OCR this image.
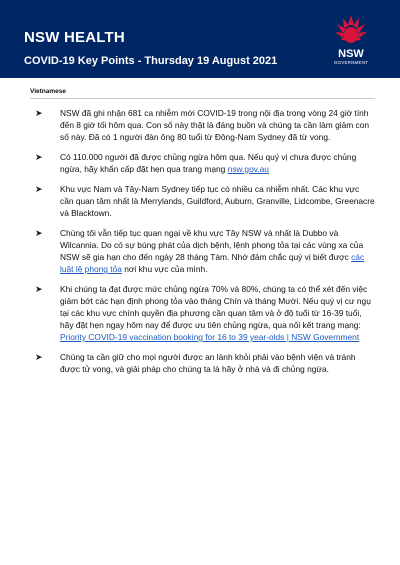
NSW HEALTH
COVID-19 Key Points - Thursday 19 August 2021
NSW
GOVERNMENT
Vietnamese
➤ NSW đã ghi nhận 681 ca nhiễm mới COVID-19 trong nội địa trong vòng 24 giờ tính đến 8 giờ tối hôm qua. Con số này thật là đáng buồn và chúng ta cần làm giảm con số này. Đã có 1 người đàn ông 80 tuổi từ Đông-Nam Sydney đã từ vong.
➤ Có 110.000 người đã được chủng ngừa hôm qua. Nếu quý vị chưa được chủng ngừa, hãy khẩn cấp đặt hẹn qua trang mạng nsw.gov.au
➤ Khu vực Nam và Tây-Nam Sydney tiếp tục có nhiều ca nhiễm nhất. Các khu vực cần quan tâm nhất là Merrylands, Guildford, Auburn, Granville, Lidcombe, Greenacre và Blacktown.
➤ Chúng tôi vẫn tiếp tục quan ngại về khu vực Tây NSW và nhất là Dubbo và Wilcannia. Do có sự bùng phát của dịch bệnh, lệnh phong tỏa tại các vùng xa của NSW sẽ gia hạn cho đến ngày 28 tháng Tám. Nhớ đảm chắc quý vị biết được các luật lệ phong tỏa nơi khu vực của mình.
➤ Khi chúng ta đạt được mức chủng ngừa 70% và 80%, chúng ta có thể xét đến việc giảm bớt các hạn định phong tỏa vào tháng Chín và tháng Mười. Nếu quý vị cư ngụ tại các khu vực chính quyền địa phương cần quan tâm và ở độ tuổi từ 16-39 tuổi, hãy đặt hẹn ngay hôm nay để được ưu tiên chủng ngừa, qua nối kết trang mạng: Priority COVID-19 vaccination booking for 16 to 39 year-olds | NSW Government
➤ Chúng ta cần giữ cho mọi người được an lành khỏi phải vào bệnh viện và tránh được tử vong, và giải pháp cho chúng ta là hãy ở nhà và đi chủng ngừa.
